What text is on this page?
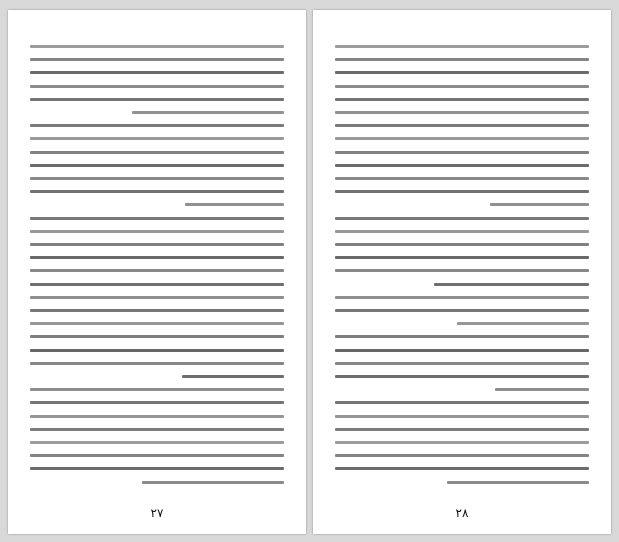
۲۷	۲۸
